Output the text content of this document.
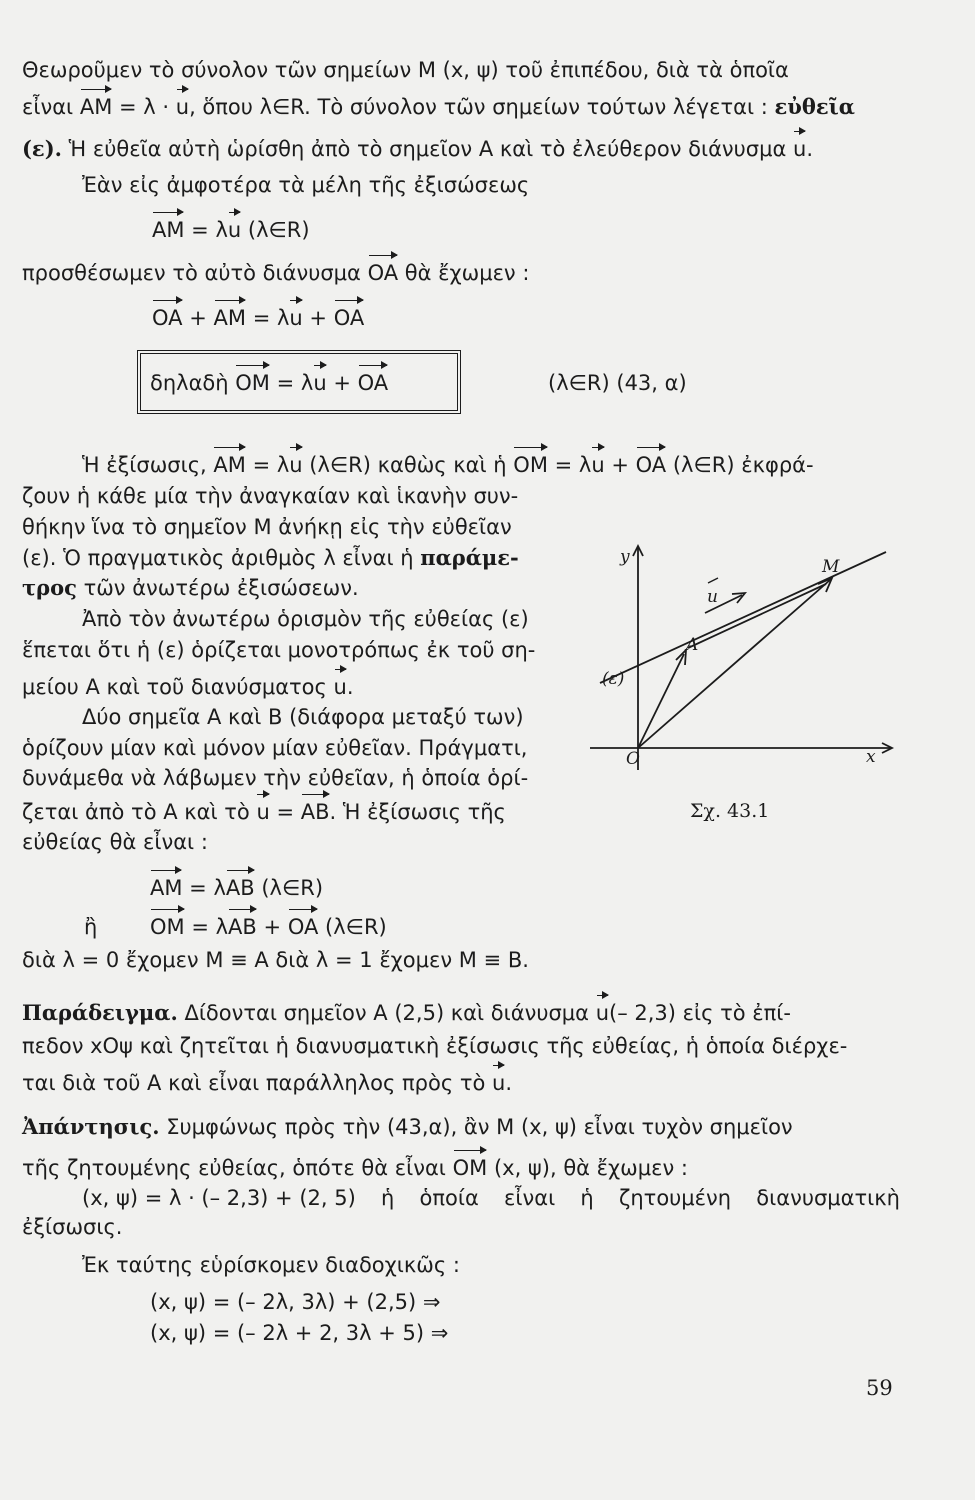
Θεωροῦμεν τὸ σύνολον τῶν σημείων Μ (x, ψ) τοῦ ἐπιπέδου, διὰ τὰ ὁποῖα
εἶναι AM = λ · u, ὅπου λ∈R. Τὸ σύνολον τῶν σημείων τούτων λέγεται : εὐθεῖα
(ε). Ἡ εὐθεῖα αὐτὴ ὡρίσθη ἀπὸ τὸ σημεῖον Α καὶ τὸ ἐλεύθερον διάνυσμα u.
Ἐὰν εἰς ἀμφοτέρα τὰ μέλη τῆς ἐξισώσεως
AM = λu (λ∈R)
προσθέσωμεν τὸ αὐτὸ διάνυσμα OA θὰ ἔχωμεν :
OA + AM = λu + OA
δηλαδὴ OM = λu + OA	(λ∈R) (43, α)
Ἡ ἐξίσωσις, AM = λu (λ∈R) καθὼς καὶ ἡ OM = λu + OA (λ∈R) ἐκφρά-
ζουν ἡ κάθε μία τὴν ἀναγκαίαν καὶ ἱκανὴν συν-
θήκην ἵνα τὸ σημεῖον Μ ἀνήκῃ εἰς τὴν εὐθεῖαν
(ε). Ὁ πραγματικὸς ἀριθμὸς λ εἶναι ἡ παράμε-
τρος τῶν ἀνωτέρω ἐξισώσεων.
Ἀπὸ τὸν ἀνωτέρω ὁρισμὸν τῆς εὐθείας (ε)
ἕπεται ὅτι ἡ (ε) ὁρίζεται μονοτρόπως ἐκ τοῦ ση-
μείου Α καὶ τοῦ διανύσματος u.
Δύο σημεῖα Α καὶ Β (διάφορα μεταξύ των)
ὁρίζουν μίαν καὶ μόνον μίαν εὐθεῖαν. Πράγματι,
δυνάμεθα νὰ λάβωμεν τὴν εὐθεῖαν, ἡ ὁποία ὁρί-
ζεται ἀπὸ τὸ Α καὶ τὸ u = AB. Ἡ ἐξίσωσις τῆς
εὐθείας θὰ εἶναι :
AM = λAB (λ∈R)
ἢ	OM = λAB + OA (λ∈R)
διὰ λ = 0 ἔχομεν Μ ≡ Α διὰ λ = 1 ἔχομεν Μ ≡ Β.
Παράδειγμα. Δίδονται σημεῖον Α (2,5) καὶ διάνυσμα u(– 2,3) εἰς τὸ ἐπί-
πεδον xOψ καὶ ζητεῖται ἡ διανυσματικὴ ἐξίσωσις τῆς εὐθείας, ἡ ὁποία διέρχε-
ται διὰ τοῦ Α καὶ εἶναι παράλληλος πρὸς τὸ u.
Ἀπάντησις. Συμφώνως πρὸς τὴν (43,α), ἂν Μ (x, ψ) εἶναι τυχὸν σημεῖον
τῆς ζητουμένης εὐθείας, ὁπότε θὰ εἶναι OM (x, ψ), θὰ ἔχωμεν :
(x, ψ) = λ · (– 2,3) + (2, 5) ἡ ὁποία εἶναι ἡ ζητουμένη διανυσματικὴ
ἐξίσωσις.
Ἐκ ταύτης εὑρίσκομεν διαδοχικῶς :
(x, ψ) = (– 2λ, 3λ) + (2,5) ⇒
(x, ψ) = (– 2λ + 2, 3λ + 5) ⇒
y
x
O
A
M
u
(ε)
Σχ. 43.1
59
